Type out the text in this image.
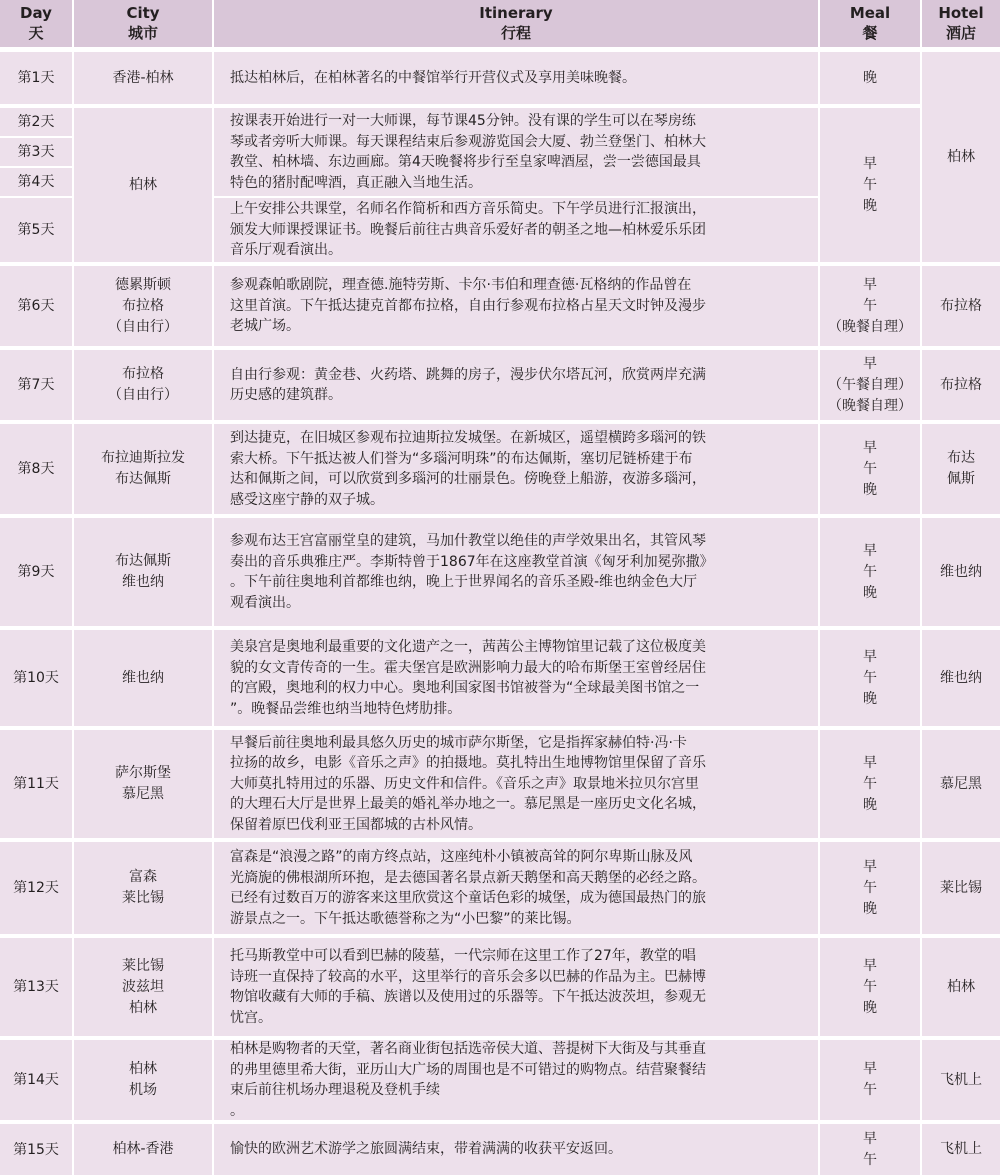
Day
天
City
城市
Itinerary
行程
Meal
餐
Hotel
酒店
第1天
第2天
第3天
第4天
第5天
第6天
第7天
第8天
第9天
第10天
第11天
第12天
第13天
第14天
第15天
香港-柏林
柏林
德累斯顿
布拉格
（自由行）
布拉格
（自由行）
布拉迪斯拉发
布达佩斯
布达佩斯
维也纳
维也纳
萨尔斯堡
慕尼黑
富森
莱比锡
莱比锡
波兹坦
柏林
柏林
机场
柏林-香港
抵达柏林后，在柏林著名的中餐馆举行开营仪式及享用美味晚餐。
按课表开始进行一对一大师课，每节课45分钟。没有课的学生可以在琴房练
琴或者旁听大师课。每天课程结束后参观游览国会大厦、勃兰登堡门、柏林大
教堂、柏林墙、东边画廊。第4天晚餐将步行至皇家啤酒屋，尝一尝德国最具
特色的猪肘配啤酒，真正融入当地生活。
上午安排公共课堂，名师名作简析和西方音乐简史。下午学员进行汇报演出，
颁发大师课授课证书。晚餐后前往古典音乐爱好者的朝圣之地—柏林爱乐乐团
音乐厅观看演出。
参观森帕歌剧院，理查德.施特劳斯、卡尔·韦伯和理查德·瓦格纳的作品曾在
这里首演。下午抵达捷克首都布拉格，自由行参观布拉格占星天文时钟及漫步
老城广场。
自由行参观：黄金巷、火药塔、跳舞的房子，漫步伏尔塔瓦河，欣赏两岸充满
历史感的建筑群。
到达捷克，在旧城区参观布拉迪斯拉发城堡。在新城区，遥望横跨多瑙河的铁
索大桥。下午抵达被人们誉为“多瑙河明珠”的布达佩斯，塞切尼链桥建于布
达和佩斯之间，可以欣赏到多瑙河的壮丽景色。傍晚登上船游，夜游多瑙河，
感受这座宁静的双子城。
参观布达王宫富丽堂皇的建筑，马加什教堂以绝佳的声学效果出名，其管风琴
奏出的音乐典雅庄严。李斯特曾于1867年在这座教堂首演《匈牙利加冕弥撒》
。下午前往奥地利首都维也纳，晚上于世界闻名的音乐圣殿-维也纳金色大厅
观看演出。
美泉宫是奥地利最重要的文化遗产之一，茜茜公主博物馆里记载了这位极度美
貌的女文青传奇的一生。霍夫堡宫是欧洲影响力最大的哈布斯堡王室曾经居住
的宫殿，奥地利的权力中心。奥地利国家图书馆被誉为“全球最美图书馆之一
”。晚餐品尝维也纳当地特色烤肋排。
早餐后前往奥地利最具悠久历史的城市萨尔斯堡，它是指挥家赫伯特·冯·卡
拉扬的故乡，电影《音乐之声》的拍摄地。莫扎特出生地博物馆里保留了音乐
大师莫扎特用过的乐器、历史文件和信件。《音乐之声》取景地米拉贝尔宫里
的大理石大厅是世界上最美的婚礼举办地之一。慕尼黑是一座历史文化名城，
保留着原巴伐利亚王国都城的古朴风情。
富森是“浪漫之路”的南方终点站，这座纯朴小镇被高耸的阿尔卑斯山脉及风
光旖旎的佛根湖所环抱，是去德国著名景点新天鹅堡和高天鹅堡的必经之路。
已经有过数百万的游客来这里欣赏这个童话色彩的城堡，成为德国最热门的旅
游景点之一。下午抵达歌德誉称之为“小巴黎”的莱比锡。
托马斯教堂中可以看到巴赫的陵墓，一代宗师在这里工作了27年，教堂的唱
诗班一直保持了较高的水平，这里举行的音乐会多以巴赫的作品为主。巴赫博
物馆收藏有大师的手稿、族谱以及使用过的乐器等。下午抵达波茨坦，参观无
忧宫。
柏林是购物者的天堂，著名商业街包括选帝侯大道、菩提树下大街及与其垂直
的弗里德里希大街，亚历山大广场的周围也是不可错过的购物点。结营聚餐结
束后前往机场办理退税及登机手续
。
愉快的欧洲艺术游学之旅圆满结束，带着满满的收获平安返回。
晚
早
午
晚
早
午
（晚餐自理）
早
（午餐自理）
（晚餐自理）
早
午
晚
早
午
晚
早
午
晚
早
午
晚
早
午
晚
早
午
晚
早
午
早
午
柏林
布拉格
布拉格
布达
佩斯
维也纳
维也纳
慕尼黑
莱比锡
柏林
飞机上
飞机上
